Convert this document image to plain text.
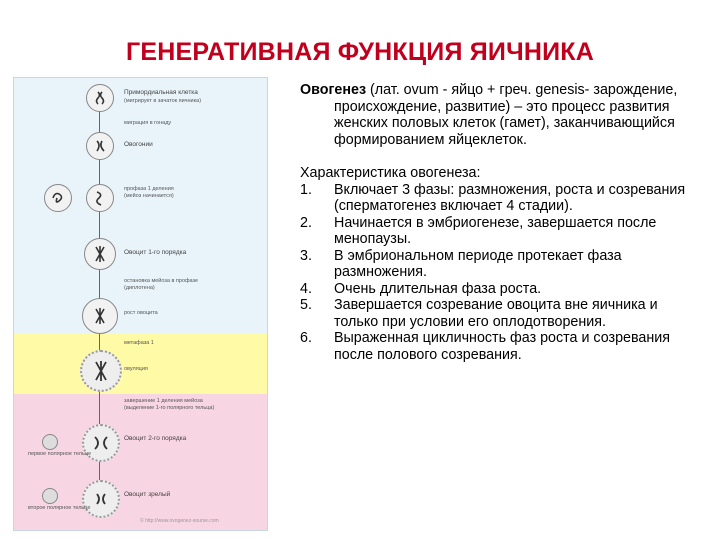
ГЕНЕРАТИВНАЯ ФУНКЦИЯ ЯИЧНИКА
Примордиальная клетка
(мигрирует в зачаток яичника)
миграция в гонаду
Овогонии
профаза 1 деления
(мейоз начинается)
Овоцит 1-го порядка
остановка мейоза в профазе
(диплотена)
рост овоцита
метафаза 1
овуляция
завершение 1 деления мейоза
(выделение 1-го полярного тельца)
первое полярное тельце
Овоцит 2-го порядка
второе полярное тельце
Овоцит зрелый
© http://www.ovogenez-sourse.com

Овогенез (лат. ovum - яйцо + греч. genesis- зарождение, происхождение, развитие) – это процесс развития женских половых клеток (гамет), заканчивающийся формированием яйцеклеток.

Характеристика овогенеза:

1. Включает 3 фазы: размножения, роста и созревания (сперматогенез включает 4 стадии).
2. Начинается в эмбриогенезе, завершается после менопаузы.
3. В эмбриональном периоде протекает фаза размножения.
4. Очень длительная фаза роста.
5. Завершается созревание овоцита вне яичника и только при условии его оплодотворения.
6. Выраженная цикличность фаз роста и созревания после полового созревания.
